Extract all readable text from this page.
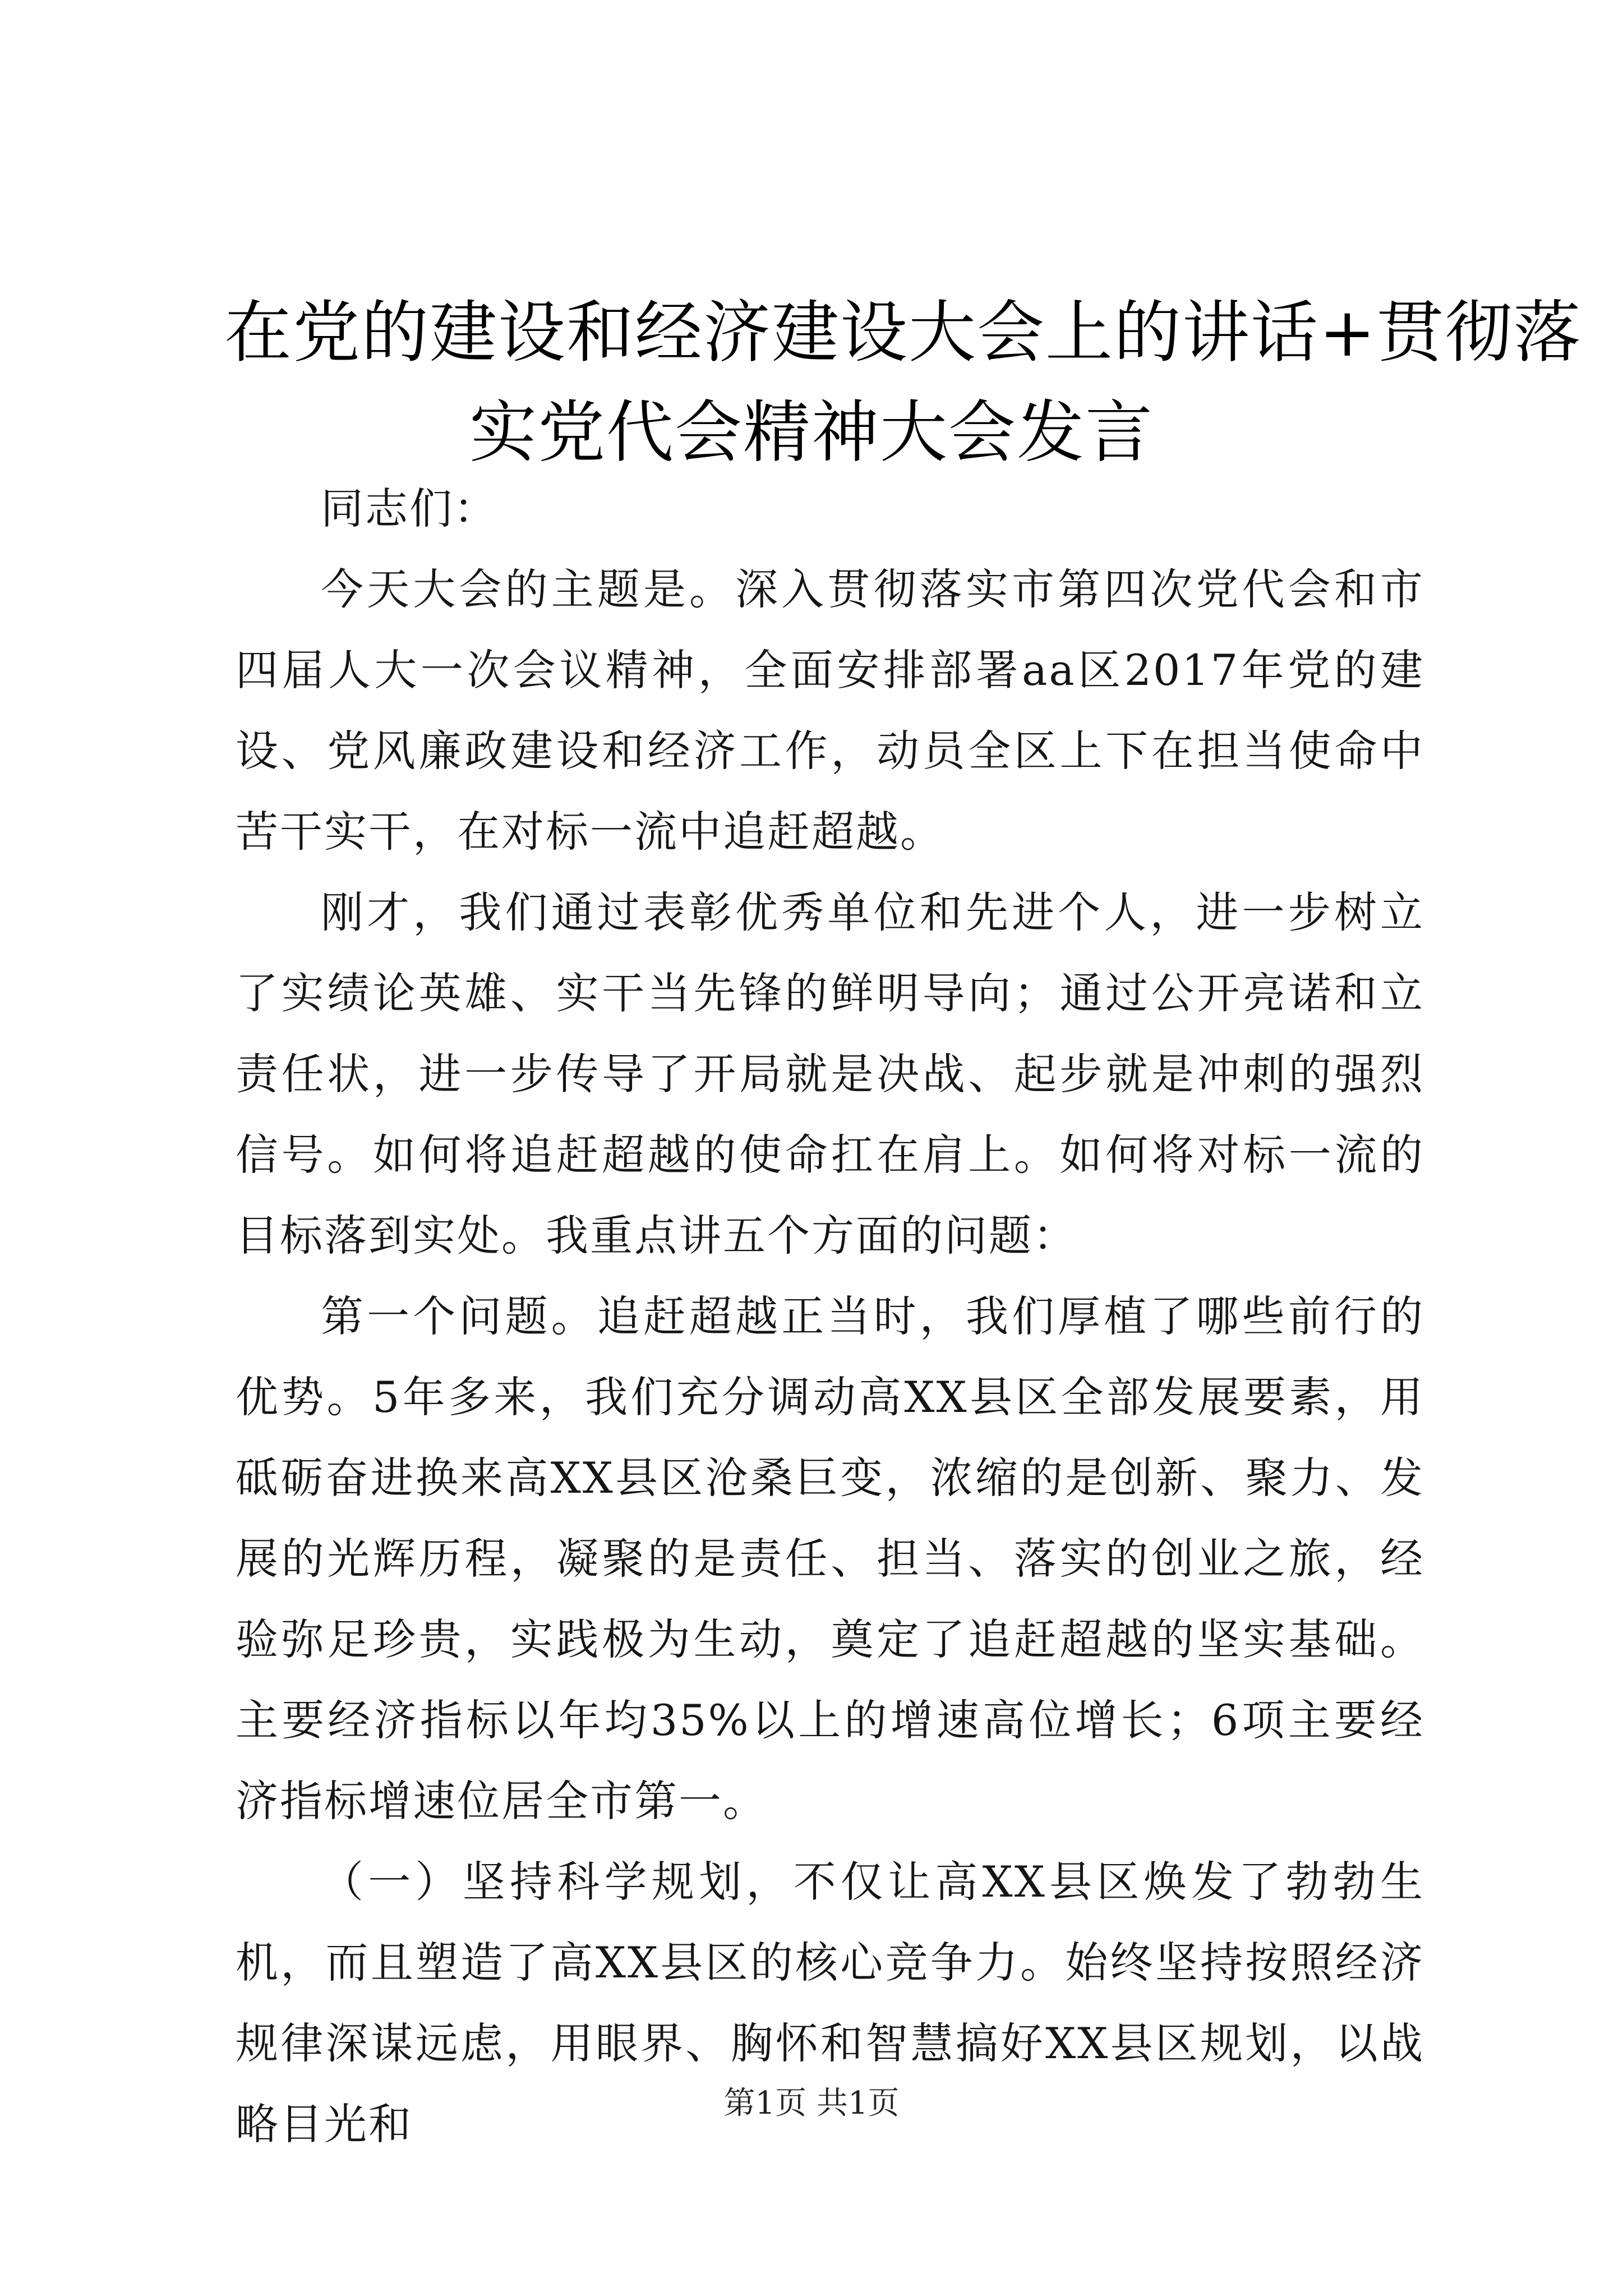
在党的建设和经济建设大会上的讲话+贯彻落
实党代会精神大会发言

同志们：

今天大会的主题是。深入贯彻落实市第四次党代会和市四届人大一次会议精神，全面安排部署aa区2017年党的建设、党风廉政建设和经济工作，动员全区上下在担当使命中苦干实干，在对标一流中追赶超越。

刚才，我们通过表彰优秀单位和先进个人，进一步树立了实绩论英雄、实干当先锋的鲜明导向；通过公开亮诺和立责任状，进一步传导了开局就是决战、起步就是冲刺的强烈信号。如何将追赶超越的使命扛在肩上。如何将对标一流的目标落到实处。我重点讲五个方面的问题：

第一个问题。追赶超越正当时，我们厚植了哪些前行的优势。5年多来，我们充分调动高XX县区全部发展要素，用砥砺奋进换来高XX县区沧桑巨变，浓缩的是创新、聚力、发展的光辉历程，凝聚的是责任、担当、落实的创业之旅，经验弥足珍贵，实践极为生动，奠定了追赶超越的坚实基础。主要经济指标以年均35%以上的增速高位增长；6项主要经济指标增速位居全市第一。

（一）坚持科学规划，不仅让高XX县区焕发了勃勃生机，而且塑造了高XX县区的核心竞争力。始终坚持按照经济规律深谋远虑，用眼界、胸怀和智慧搞好XX县区规划，以战略目光和	第1页 共1页
